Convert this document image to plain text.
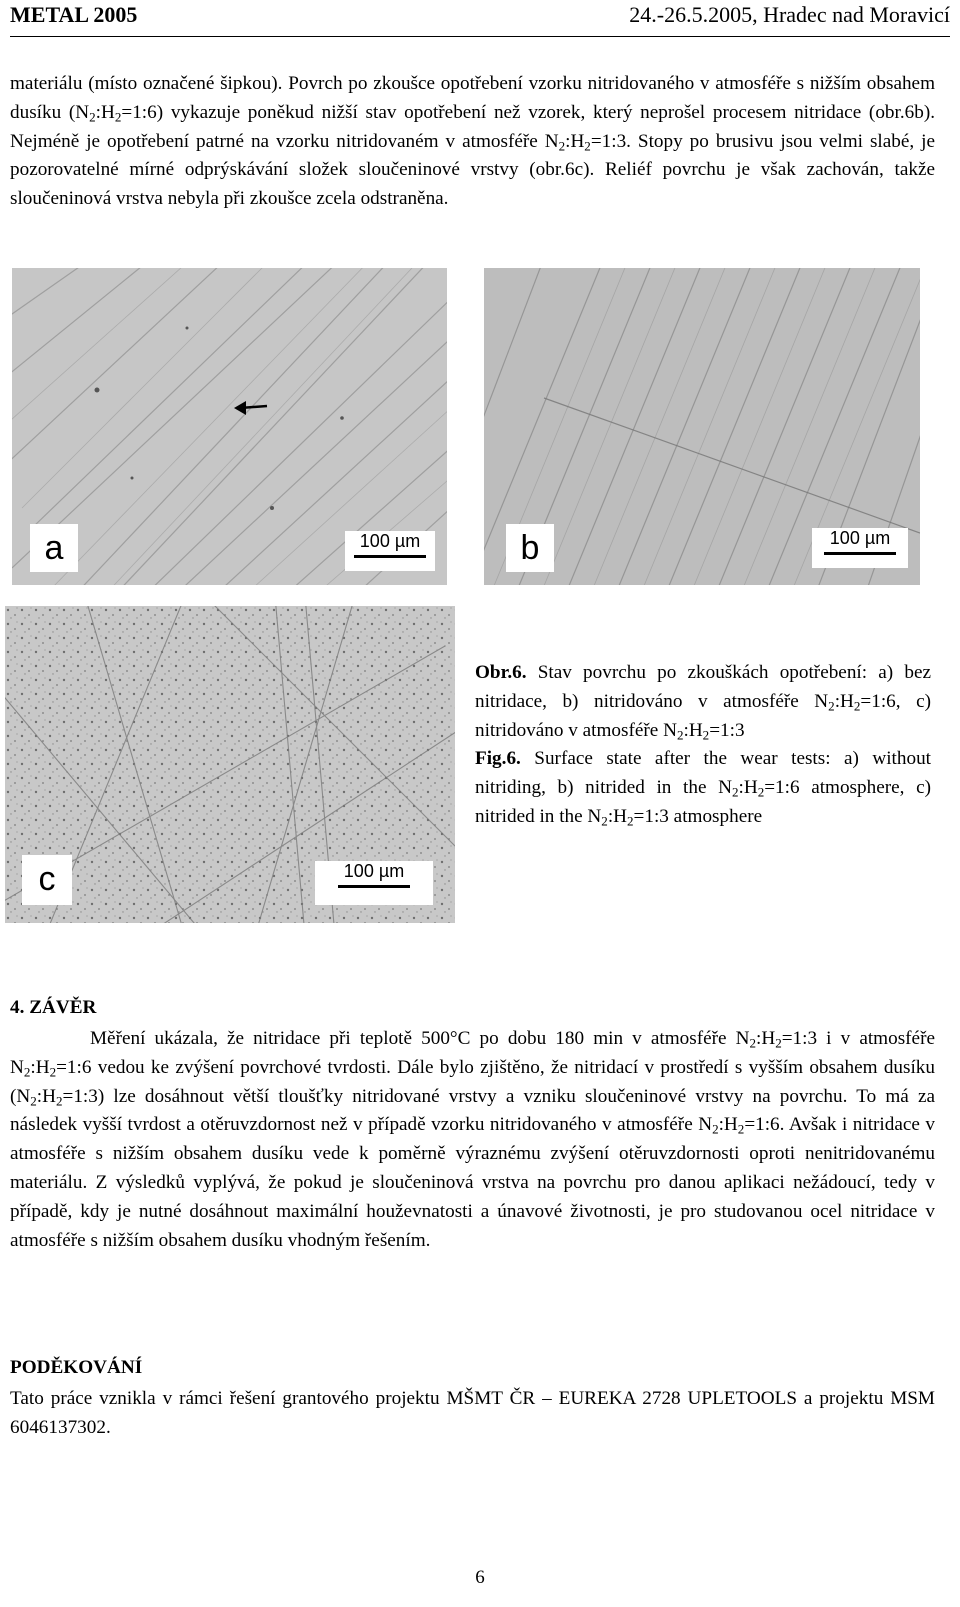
METAL 2005	24.-26.5.2005, Hradec nad Moravicí

materiálu (místo označené šipkou). Povrch po zkoušce opotřebení vzorku nitridovaného v atmosféře s nižším obsahem dusíku $(N_2:H_2=1:6)$ vykazuje poněkud nižší stav opotřebení než vzorek, který neprošel procesem nitridace (obr.6b). Nejméně je opotřebení patrné na vzorku nitridovaném v atmosféře $N_2:H_2=1:3$. Stopy po brusivu jsou velmi slabé, je pozorovatelné mírné odprýskávání složek sloučeninové vrstvy (obr.6c). Reliéf povrchu je však zachován, takže sloučeninová vrstva nebyla při zkoušce zcela odstraněna.

a	100 µm	b	100 µm
c	100 µm

Obr.6. Stav povrchu po zkouškách opotřebení: a) bez nitridace, b) nitridováno v atmosféře $N_2:H_2=1:6$, c) nitridováno v atmosféře $N_2:H_2=1:3$

Fig.6. Surface state after the wear tests: a) without nitriding, b) nitrided in the $N_2:H_2=1:6$ atmosphere, c) nitrided in the $N_2:H_2=1:3$ atmosphere

4. ZÁVĚR

Měření ukázala, že nitridace při teplotě 500°C po dobu 180 min v atmosféře $N_2:H_2=1:3$ i v atmosféře $N_2:H_2=1:6$ vedou ke zvýšení povrchové tvrdosti. Dále bylo zjištěno, že nitridací v prostředí s vyšším obsahem dusíku $(N_2:H_2=1:3)$ lze dosáhnout větší tloušťky nitridované vrstvy a vzniku sloučeninové vrstvy na povrchu. To má za následek vyšší tvrdost a otěruvzdornost než v případě vzorku nitridovaného v atmosféře $N_2:H_2=1:6$. Avšak i nitridace v atmosféře s nižším obsahem dusíku vede k poměrně výraznému zvýšení otěruvzdornosti oproti nenitridovanému materiálu. Z výsledků vyplývá, že pokud je sloučeninová vrstva na povrchu pro danou aplikaci nežádoucí, tedy v případě, kdy je nutné dosáhnout maximální houževnatosti a únavové životnosti, je pro studovanou ocel nitridace v atmosféře s nižším obsahem dusíku vhodným řešením.

PODĚKOVÁNÍ

Tato práce vznikla v rámci řešení grantového projektu MŠMT ČR – EUREKA 2728 UPLETOOLS a projektu MSM 6046137302.

6
